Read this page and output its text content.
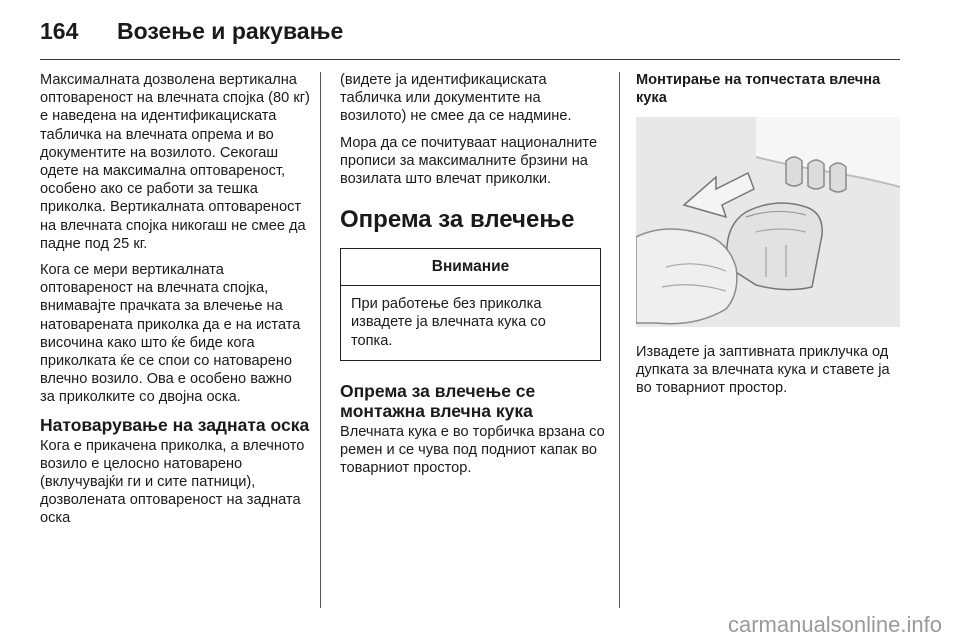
164 Возење и ракување

Максималната дозволена вертикална оптовареност на влечната спојка (80 кг) е наведена на идентификациската табличка на влечната опрема и во документите на возилото. Секогаш одете на максимална оптовареност, особено ако се работи за тешка приколка. Вертикалната оптовареност на влечната спојка никогаш не смее да падне под 25 кг.

Кога се мери вертикалната оптовареност на влечната спојка, внимавајте прачката за влечење на натоварената приколка да е на истата височина како што ќе биде кога приколката ќе се спои со натоварено влечно возило. Ова е особено важно за приколките со двојна оска.

Натоварување на задната оска

Кога е прикачена приколка, а влечното возило е целосно натоварено (вклучувајќи ги и сите патници), дозволената оптовареност на задната оска

(видете ја идентификациската табличка или документите на возилото) не смее да се надмине.

Мора да се почитуваат националните прописи за максималните брзини на возилата што влечат приколки.

Опрема за влечење
Внимание
При работење без приколка извадете ја влечната кука со топка.
Опрема за влечење се монтажна влечна кука

Влечната кука е во торбичка врзана со ремен и се чува под подниот капак во товарниот простор.

Монтирање на топчестата влечна кука

Извадете ја заптивната приклучка од дупката за влечната кука и ставете ја во товарниот простор.

carmanualsonline.info
